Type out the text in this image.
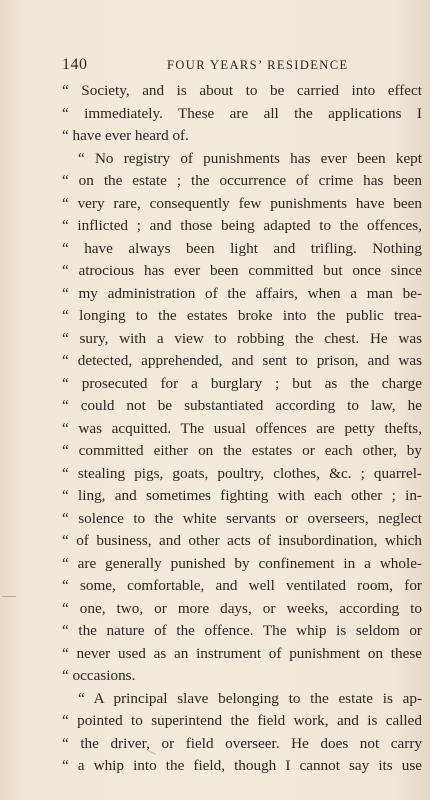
140	FOUR YEARS’ RESIDENCE
“ Society, and is about to be carried into effect
“ immediately. These are all the applications I
“ have ever heard of.
“ No registry of punishments has ever been kept
“ on the estate ; the occurrence of crime has been
“ very rare, consequently few punishments have been
“ inflicted ; and those being adapted to the offences,
“ have always been light and trifling. Nothing
“ atrocious has ever been committed but once since
“ my administration of the affairs, when a man be-
“ longing to the estates broke into the public trea-
“ sury, with a view to robbing the chest. He was
“ detected, apprehended, and sent to prison, and was
“ prosecuted for a burglary ; but as the charge
“ could not be substantiated according to law, he
“ was acquitted. The usual offences are petty thefts,
“ committed either on the estates or each other, by
“ stealing pigs, goats, poultry, clothes, &c. ; quarrel-
“ ling, and sometimes fighting with each other ; in-
“ solence to the white servants or overseers, neglect
“ of business, and other acts of insubordination, which
“ are generally punished by confinement in a whole-
“ some, comfortable, and well ventilated room, for
“ one, two, or more days, or weeks, according to
“ the nature of the offence. The whip is seldom or
“ never used as an instrument of punishment on these
“ occasions.
“ A principal slave belonging to the estate is ap-
“ pointed to superintend the field work, and is called
“ the driver, or field overseer. He does not carry
“ a whip into the field, though I cannot say its use
